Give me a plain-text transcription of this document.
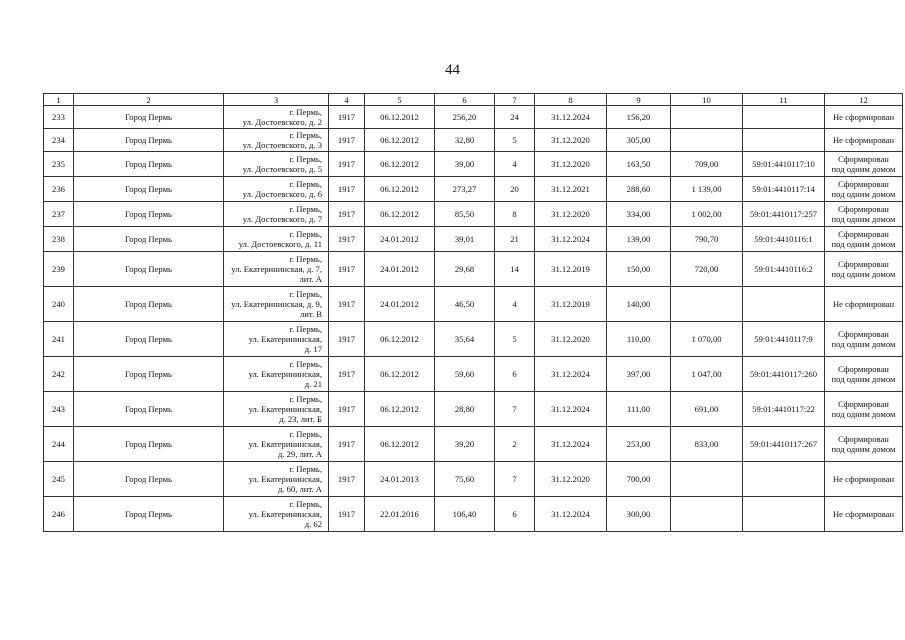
44
1	2	3	4	5	6	7	8	9	10	11	12
233	Город Пермь	г. Пермь,
ул. Достоевского, д. 2	1917	06.12.2012	256,20	24	31.12.2024	156,20			Не сформирован

234	Город Пермь	г. Пермь,
ул. Достоевского, д. 3	1917	06.12.2012	32,80	5	31.12.2020	305,00			Не сформирован

235	Город Пермь	г. Пермь,
ул. Достоевского, д. 5	1917	06.12.2012	39,00	4	31.12.2020	163,50	709,00	59:01:4410117:10	Сформирован
под одним домом

236	Город Пермь	г. Пермь,
ул. Достоевского, д. 6	1917	06.12.2012	273,27	20	31.12.2021	288,60	1 139,00	59:01:4410117:14	Сформирован
под одним домом

237	Город Пермь	г. Пермь,
ул. Достоевского, д. 7	1917	06.12.2012	85,50	8	31.12.2020	334,00	1 002,00	59:01:4410117:257	Сформирован
под одним домом

238	Город Пермь	г. Пермь,
ул. Достоевского, д. 11	1917	24.01.2012	39,01	21	31.12.2024	139,00	790,70	59:01:4410116:1	Сформирован
под одним домом

239	Город Пермь	г. Пермь,
ул. Екатерининская, д. 7,
лит. А	1917	24.01.2012	29,68	14	31.12.2019	150,00	720,00	59:01:4410116:2	Сформирован
под одним домом

240	Город Пермь	г. Пермь,
ул. Екатерининская, д. 9,
лит. В	1917	24.01.2012	46,50	4	31.12.2019	140,00			Не сформирован

241	Город Пермь	г. Пермь,
ул. Екатерининская,
д. 17	1917	06.12.2012	35,64	5	31.12.2020	110,00	1 070,00	59:01:4410117:9	Сформирован
под одним домом

242	Город Пермь	г. Пермь,
ул. Екатерининская,
д. 21	1917	06.12.2012	59,60	6	31.12.2024	397,00	1 047,00	59:01:4410117:260	Сформирован
под одним домом

243	Город Пермь	г. Пермь,
ул. Екатерининская,
д. 23, лит. Б	1917	06.12.2012	28,80	7	31.12.2024	111,00	691,00	59:01:4410117:22	Сформирован
под одним домом

244	Город Пермь	г. Пермь,
ул. Екатерининская,
д. 29, лит. А	1917	06.12.2012	39,20	2	31.12.2024	253,00	833,00	59:01:4410117:267	Сформирован
под одним домом

245	Город Пермь	г. Пермь,
ул. Екатерининская,
д. 60, лит. А	1917	24.01.2013	75,60	7	31.12.2020	700,00			Не сформирован

246	Город Пермь	г. Пермь,
ул. Екатерининская,
д. 62	1917	22.01.2016	106,40	6	31.12.2024	300,00			Не сформирован
